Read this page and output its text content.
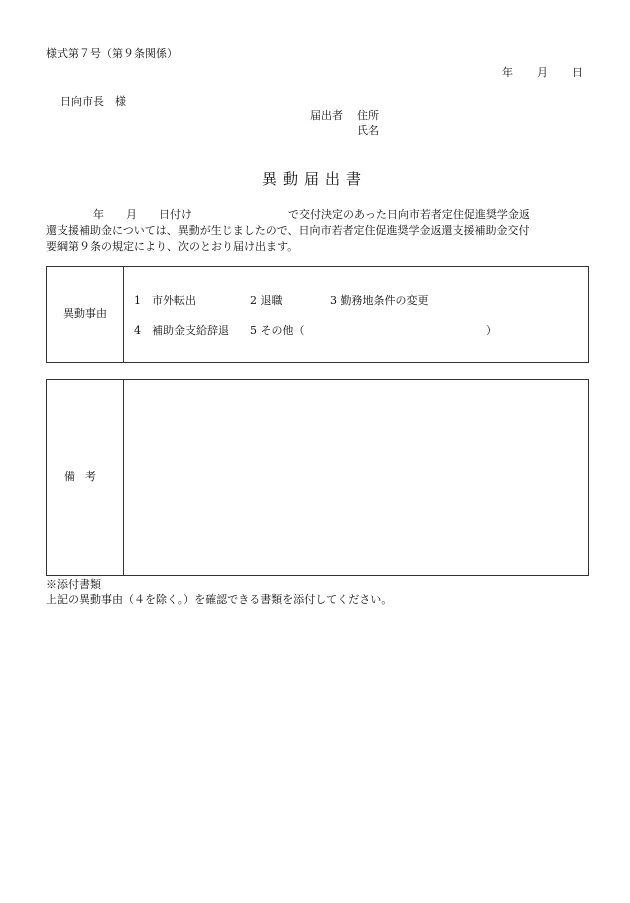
様式第７号（第９条関係）
年 月 日
日向市長　様
届出者 住所
氏名
異動届出書
年 月 日付け	で交付決定のあった日向市若者定住促進奨学金返
還支援補助金については、異動が生じましたので、日向市若者定住促進奨学金返還支援補助金交付
要綱第９条の規定により、次のとおり届け出ます。
異動事由
1　市外転出	2 退職	3 勤務地条件の変更
4　補助金支給辞退 5 その他（	）
備考
※添付書類
上記の異動事由（４を除く。）を確認できる書類を添付してください。
